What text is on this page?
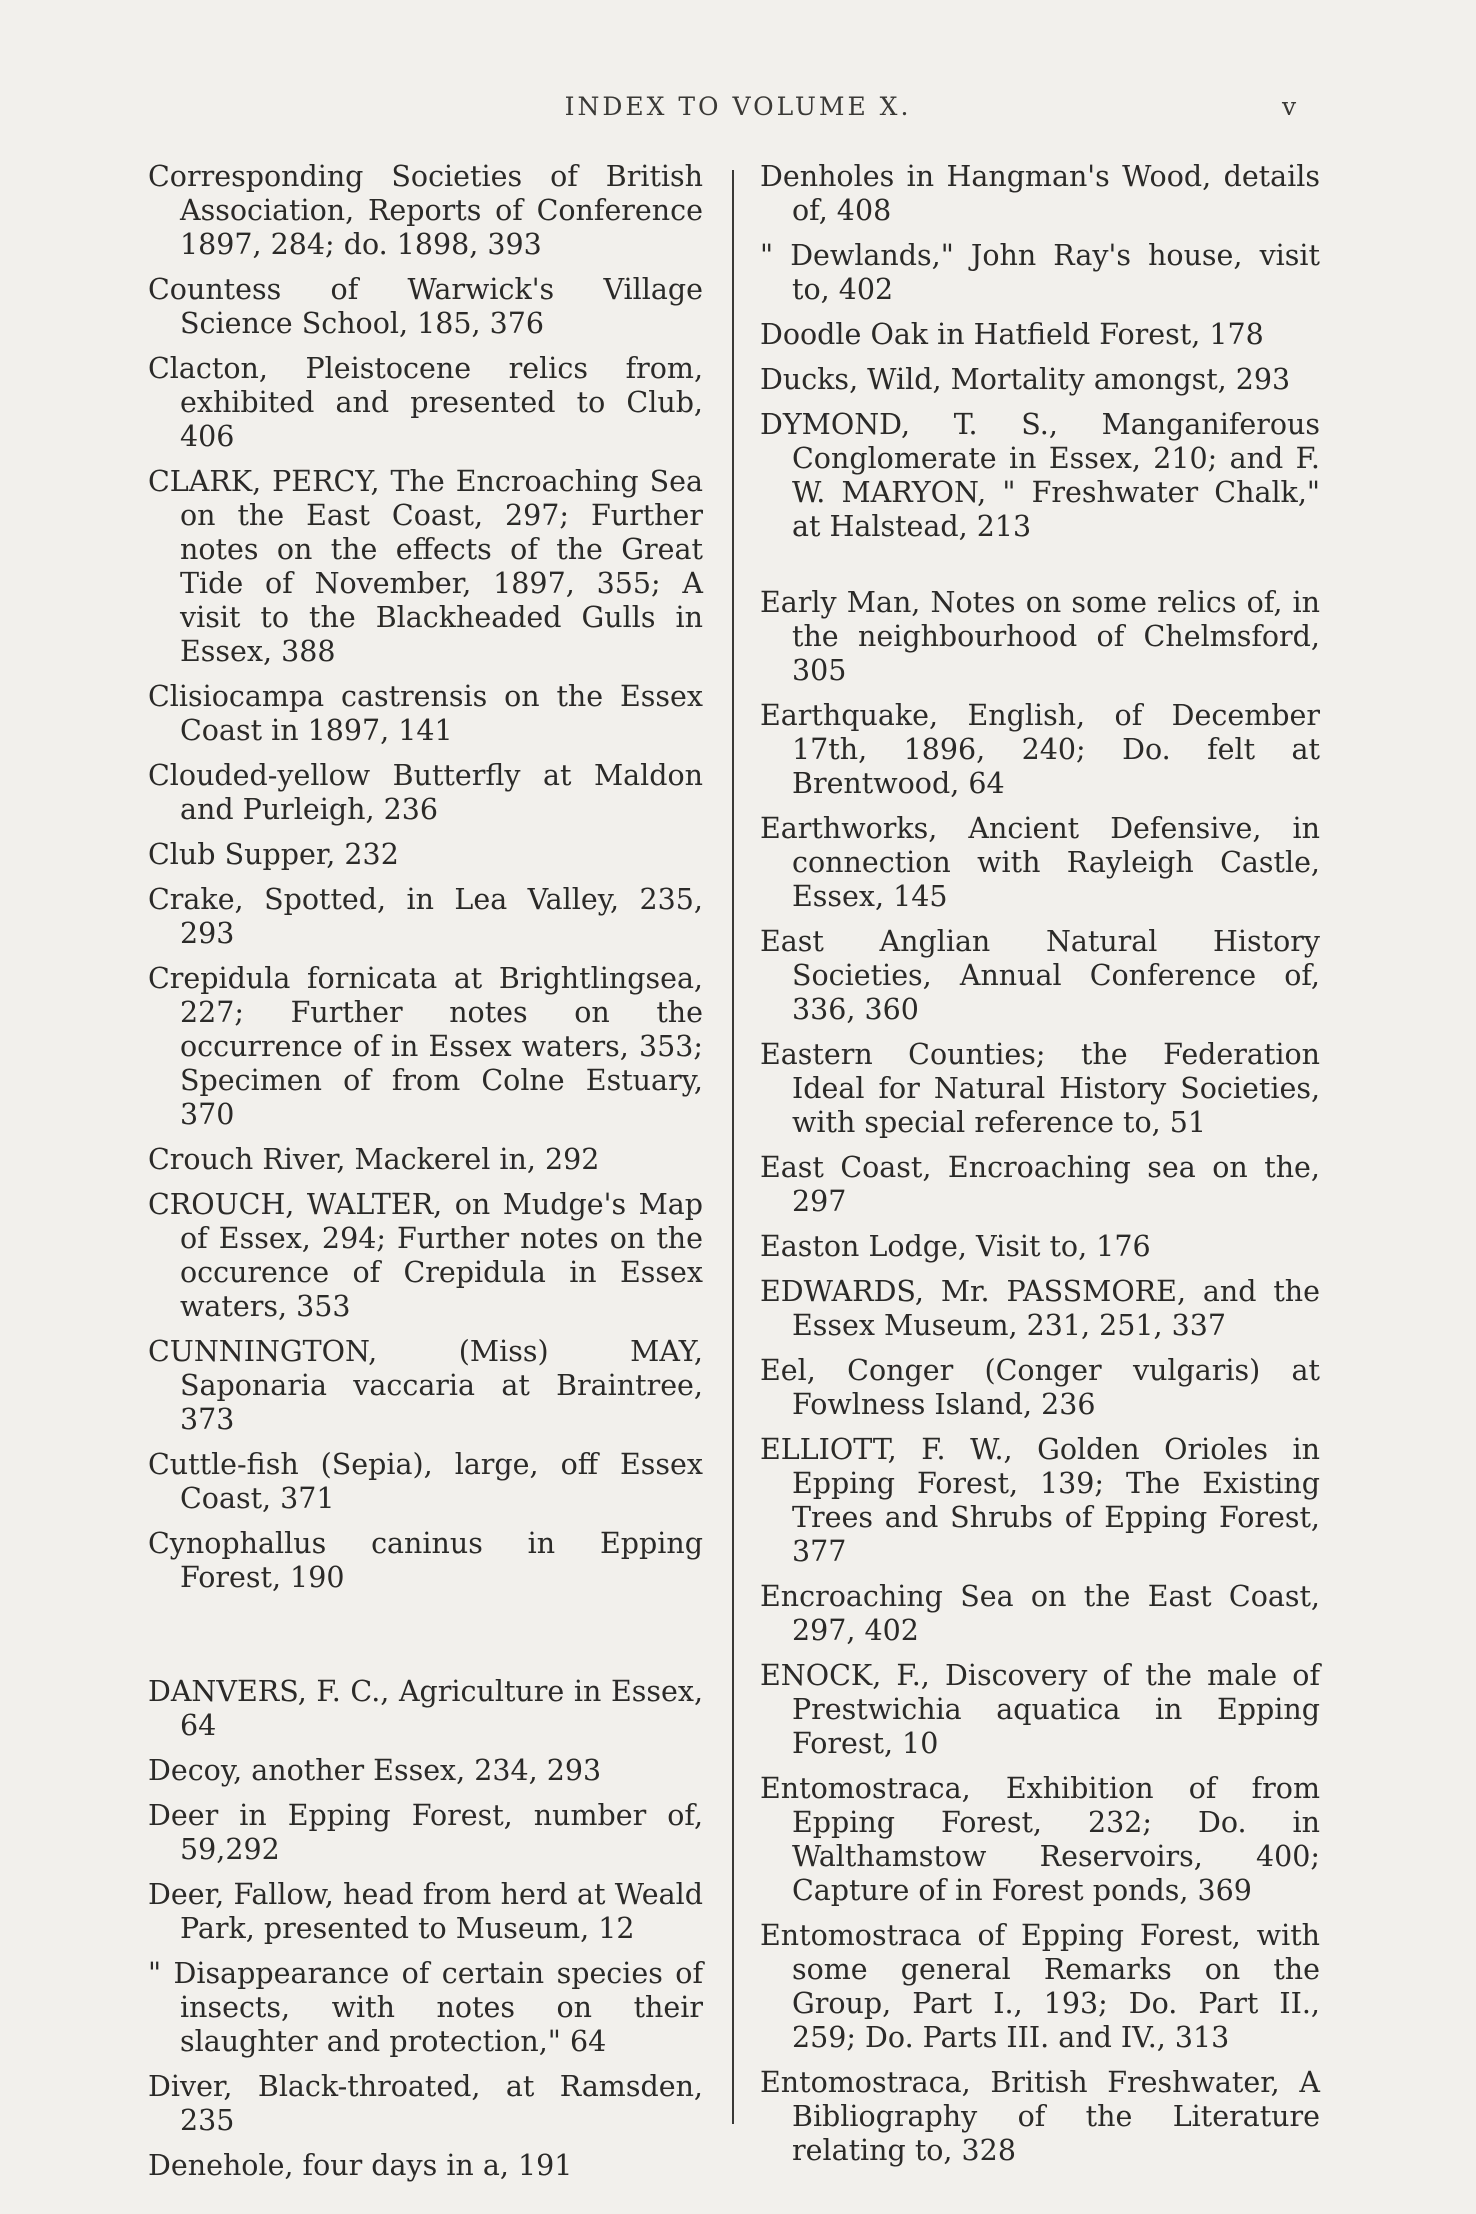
INDEX TO VOLUME X.	v

Corresponding Societies of British Association, Reports of Conference 1897, 284; do. 1898, 393

Countess of Warwick's Village Science School, 185, 376

Clacton, Pleistocene relics from, exhibited and presented to Club, 406

CLARK, PERCY, The Encroaching Sea on the East Coast, 297; Further notes on the effects of the Great Tide of November, 1897, 355; A visit to the Blackheaded Gulls in Essex, 388

Clisiocampa castrensis on the Essex Coast in 1897, 141

Clouded-yellow Butterfly at Maldon and Purleigh, 236

Club Supper, 232

Crake, Spotted, in Lea Valley, 235, 293

Crepidula fornicata at Brightlingsea, 227; Further notes on the occurrence of in Essex waters, 353; Specimen of from Colne Estuary, 370

Crouch River, Mackerel in, 292

CROUCH, WALTER, on Mudge's Map of Essex, 294; Further notes on the occurence of Crepidula in Essex waters, 353

CUNNINGTON, (Miss) MAY, Saponaria vaccaria at Braintree, 373

Cuttle-fish (Sepia), large, off Essex Coast, 371

Cynophallus caninus in Epping Forest, 190

DANVERS, F. C., Agriculture in Essex, 64

Decoy, another Essex, 234, 293

Deer in Epping Forest, number of, 59,292

Deer, Fallow, head from herd at Weald Park, presented to Museum, 12

" Disappearance of certain species of insects, with notes on their slaughter and protection," 64

Diver, Black-throated, at Ramsden, 235

Denehole, four days in a, 191

Denholes in Hangman's Wood, details of, 408

" Dewlands," John Ray's house, visit to, 402

Doodle Oak in Hatfield Forest, 178

Ducks, Wild, Mortality amongst, 293

DYMOND, T. S., Manganiferous Conglomerate in Essex, 210; and F. W. MARYON, " Freshwater Chalk," at Halstead, 213

Early Man, Notes on some relics of, in the neighbourhood of Chelmsford, 305

Earthquake, English, of December 17th, 1896, 240; Do. felt at Brentwood, 64

Earthworks, Ancient Defensive, in connection with Rayleigh Castle, Essex, 145

East Anglian Natural History Societies, Annual Conference of, 336, 360

Eastern Counties; the Federation Ideal for Natural History Societies, with special reference to, 51

East Coast, Encroaching sea on the, 297

Easton Lodge, Visit to, 176

EDWARDS, Mr. PASSMORE, and the Essex Museum, 231, 251, 337

Eel, Conger (Conger vulgaris) at Fowlness Island, 236

ELLIOTT, F. W., Golden Orioles in Epping Forest, 139; The Existing Trees and Shrubs of Epping Forest, 377

Encroaching Sea on the East Coast, 297, 402

ENOCK, F., Discovery of the male of Prestwichia aquatica in Epping Forest, 10

Entomostraca, Exhibition of from Epping Forest, 232; Do. in Walthamstow Reservoirs, 400; Capture of in Forest ponds, 369

Entomostraca of Epping Forest, with some general Remarks on the Group, Part I., 193; Do. Part II., 259; Do. Parts III. and IV., 313

Entomostraca, British Freshwater, A Bibliography of the Literature relating to, 328
